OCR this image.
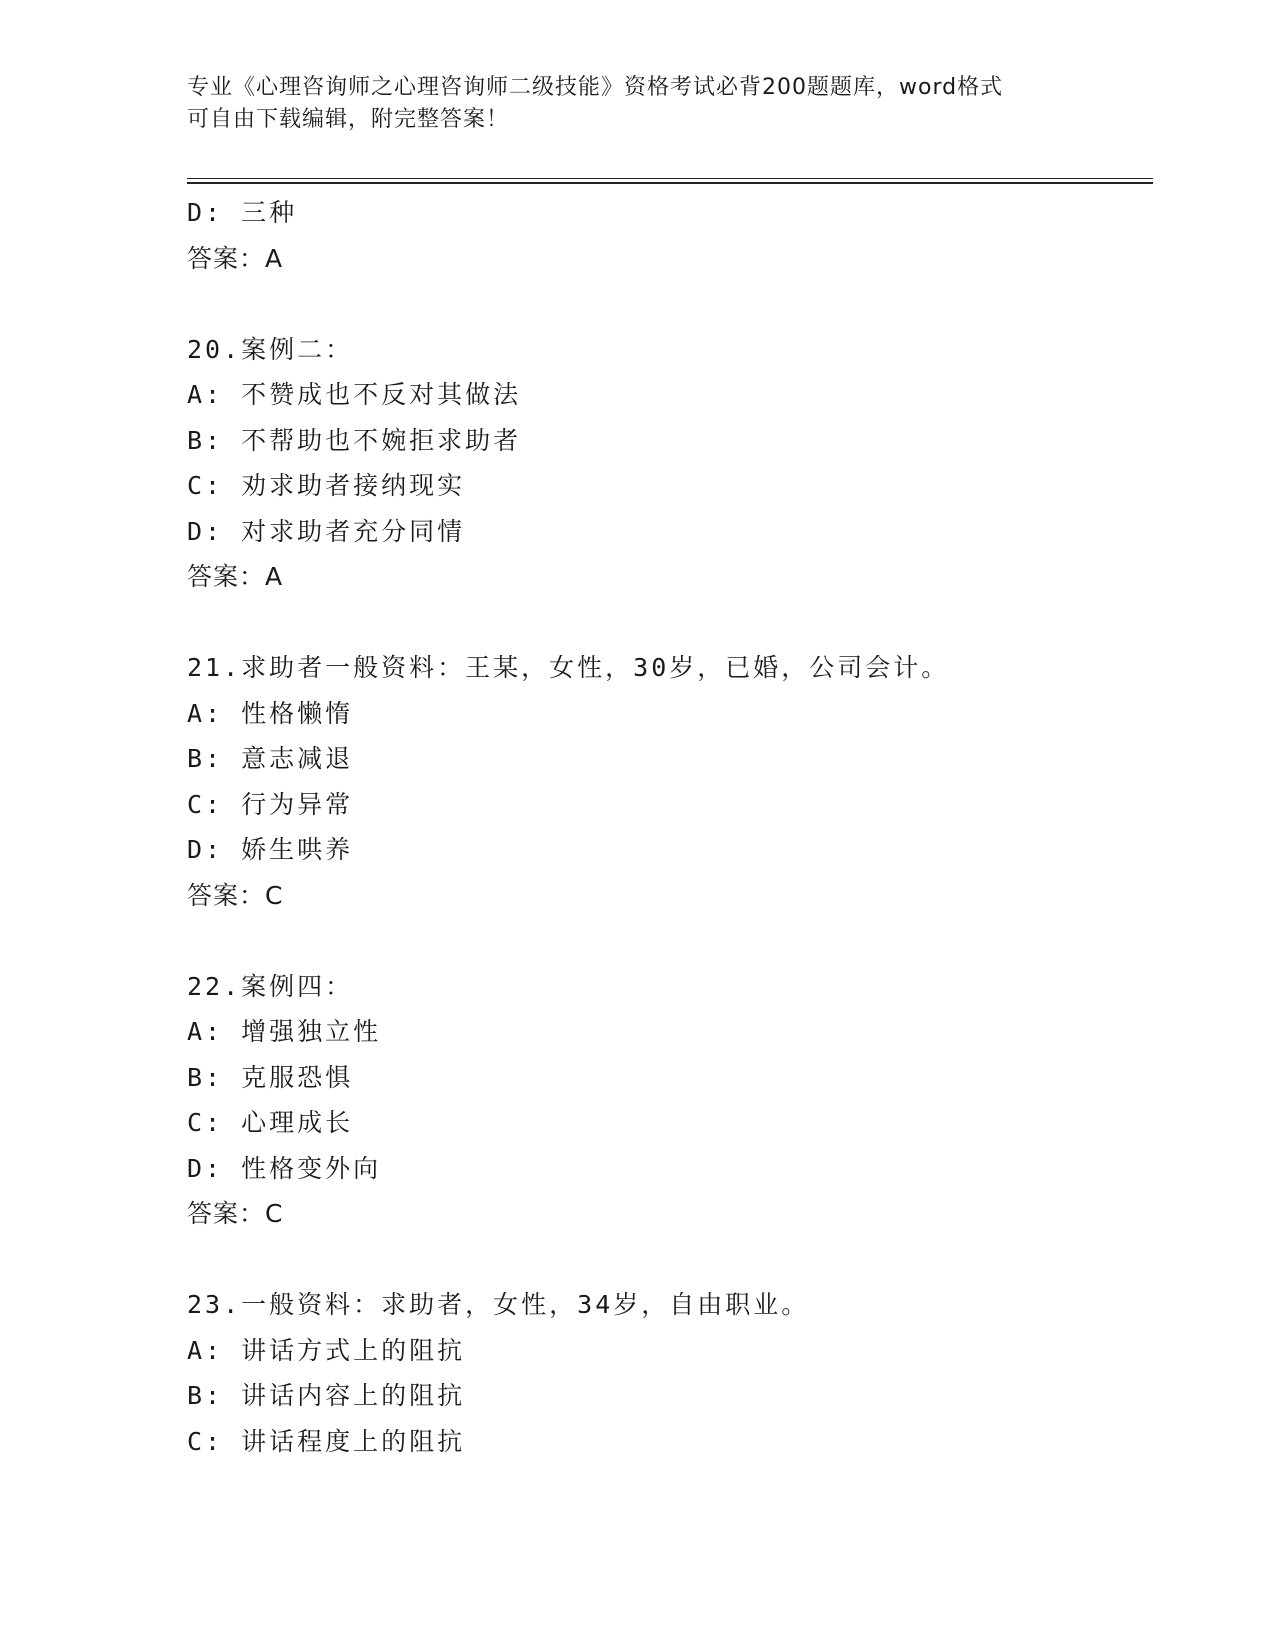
专业《心理咨询师之心理咨询师二级技能》资格考试必背200题题库，word格式
可自由下载编辑，附完整答案！
D: 三种
答案：A
20.案例二：
A: 不赞成也不反对其做法
B: 不帮助也不婉拒求助者
C: 劝求助者接纳现实
D: 对求助者充分同情
答案：A
21.求助者一般资料：王某，女性，30岁，已婚，公司会计。
A: 性格懒惰
B: 意志减退
C: 行为异常
D: 娇生哄养
答案：C
22.案例四：
A: 增强独立性
B: 克服恐惧
C: 心理成长
D: 性格变外向
答案：C
23.一般资料：求助者，女性，34岁，自由职业。
A: 讲话方式上的阻抗
B: 讲话内容上的阻抗
C: 讲话程度上的阻抗
